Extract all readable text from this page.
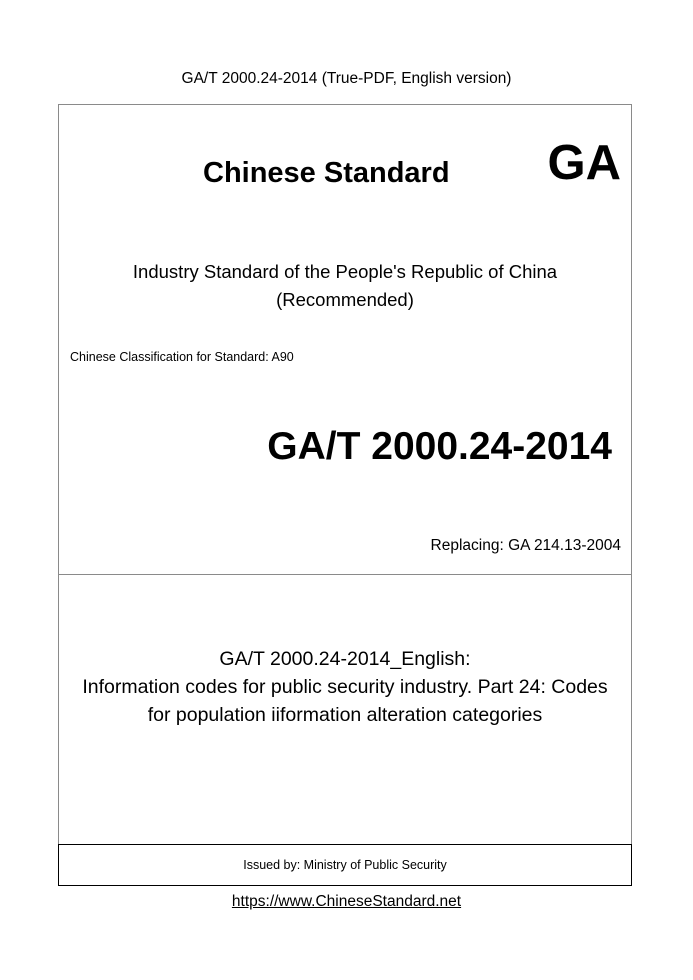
GA/T 2000.24-2014 (True-PDF, English version)
Chinese Standard GA
Industry Standard of the People's Republic of China
(Recommended)
Chinese Classification for Standard: A90
GA/T 2000.24-2014
Replacing: GA 214.13-2004
GA/T 2000.24-2014_English:
Information codes for public security industry. Part 24: Codes
for population iiformation alteration categories
Issued by: Ministry of Public Security
https://www.ChineseStandard.net
